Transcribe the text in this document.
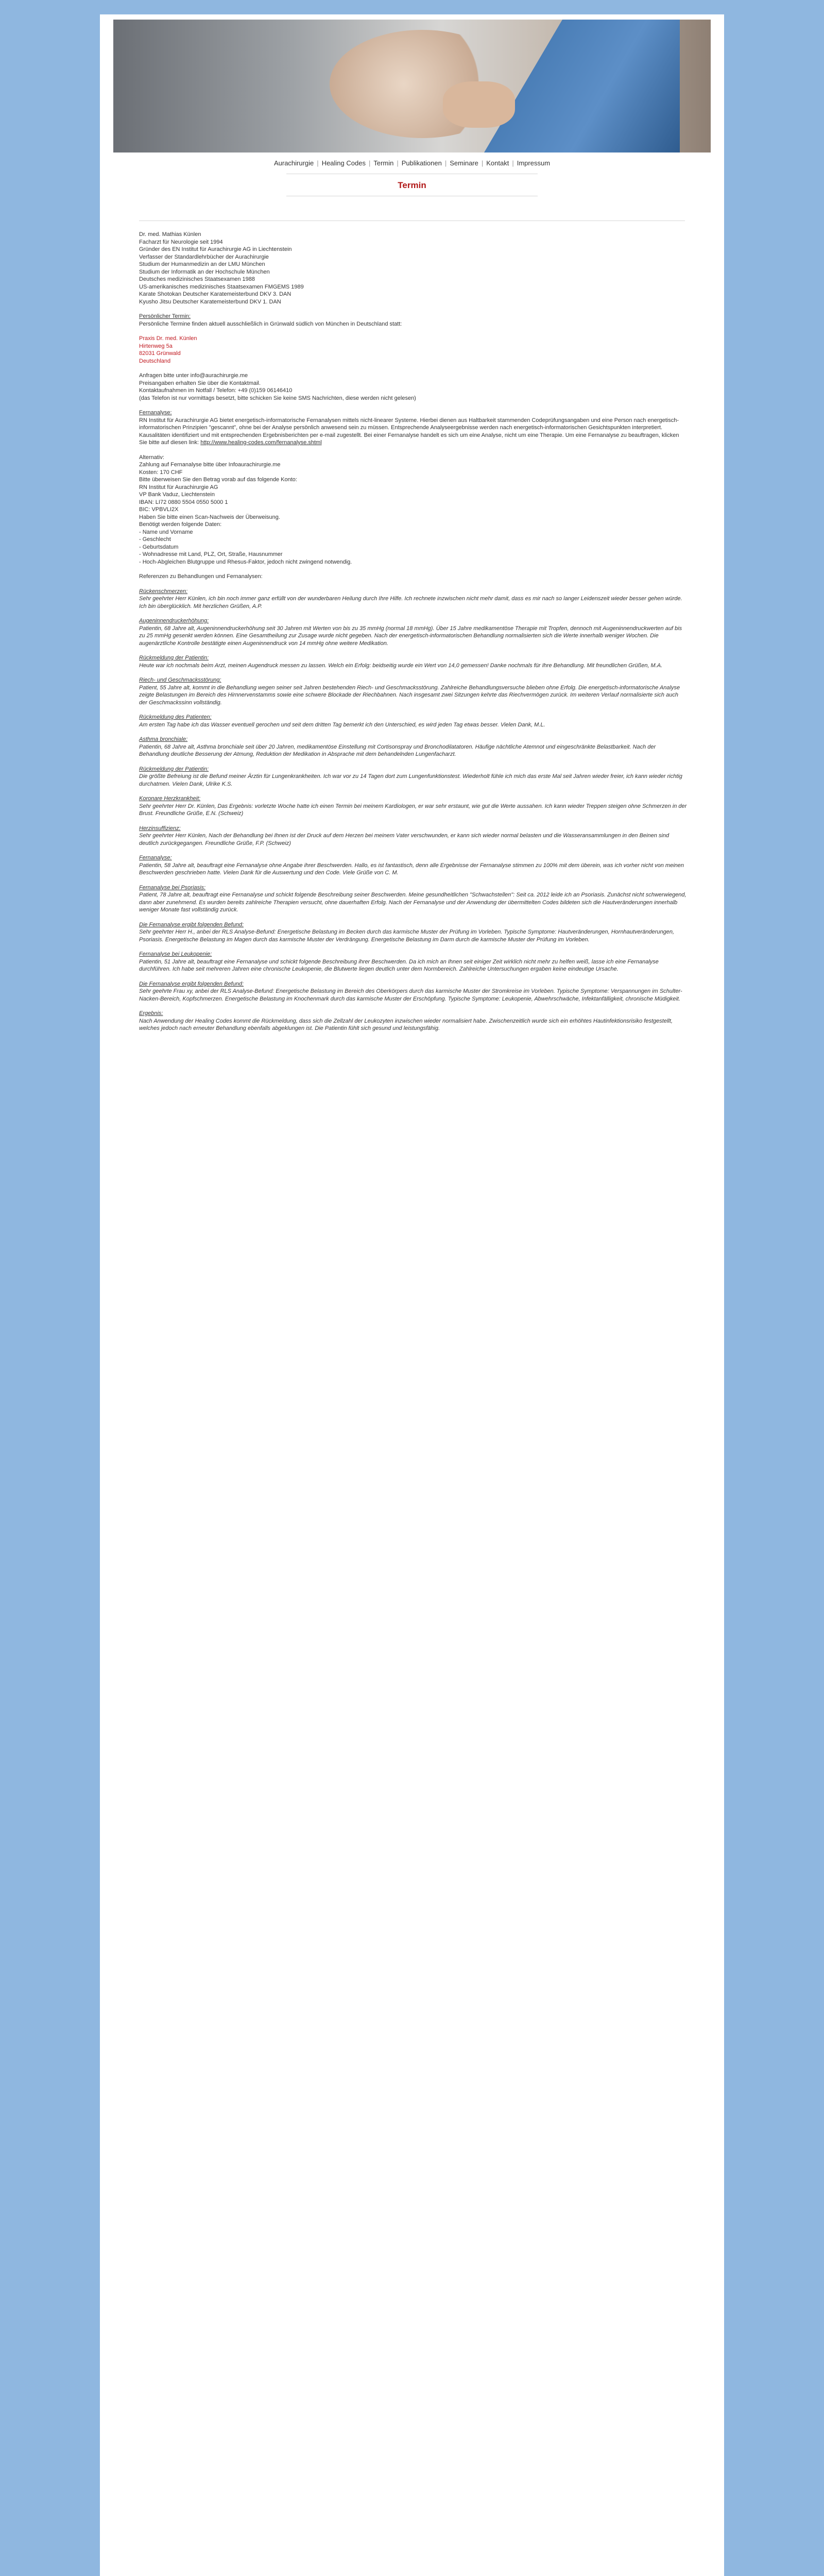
Aurachirurgie | Healing Codes | Termin | Publikationen | Seminare | Kontakt | Impressum
Termin

Dr. med. Mathias Künlen
Facharzt für Neurologie seit 1994
Gründer des EN Institut für Aurachirurgie AG in Liechtenstein
Verfasser der Standardlehrbücher der Aurachirurgie
Studium der Humanmedizin an der LMU München
Studium der Informatik an der Hochschule München
Deutsches medizinisches Staatsexamen 1988
US-amerikanisches medizinisches Staatsexamen FMGEMS 1989
Karate Shotokan Deutscher Karatemeisterbund DKV 3. DAN
Kyusho Jitsu Deutscher Karatemeisterbund DKV 1. DAN

Persönlicher Termin:
Persönliche Termine finden aktuell ausschließlich in Grünwald südlich von München in Deutschland statt:

Praxis Dr. med. Künlen
Hirtenweg 5a
82031 Grünwald
Deutschland

Anfragen bitte unter info@aurachirurgie.me
Preisangaben erhalten Sie über die Kontaktmail.
Kontaktaufnahmen im Notfall / Telefon: +49 (0)159 06146410
(das Telefon ist nur vormittags besetzt, bitte schicken Sie keine SMS Nachrichten, diese werden nicht gelesen)

Fernanalyse:
RN Institut für Aurachirurgie AG bietet energetisch-informatorische Fernanalysen mittels nicht-linearer Systeme. Hierbei dienen aus Haltbarkeit stammenden Codeprüfungsangaben und eine Person nach energetisch-informatorischen Prinzipien "gescannt", ohne bei der Analyse persönlich anwesend sein zu müssen. Entsprechende Analyseergebnisse werden nach energetisch-informatorischen Gesichtspunkten interpretiert. Kausalitäten identifiziert und mit entsprechenden Ergebnisberichten per e-mail zugestellt. Bei einer Fernanalyse handelt es sich um eine Analyse, nicht um eine Therapie. Um eine Fernanalyse zu beauftragen, klicken Sie bitte auf diesen link: http://www.healing-codes.com/fernanalyse.shtml

Alternativ:
Zahlung auf Fernanalyse bitte über Infoaurachirurgie.me
Kosten: 170 CHF
Bitte überweisen Sie den Betrag vorab auf das folgende Konto:
RN Institut für Aurachirurgie AG
VP Bank Vaduz, Liechtenstein
IBAN: LI72 0880 5504 0550 5000 1
BIC: VPBVLI2X
Haben Sie bitte einen Scan-Nachweis der Überweisung.
Benötigt werden folgende Daten:
- Name und Vorname
- Geschlecht
- Geburtsdatum
- Wohnadresse mit Land, PLZ, Ort, Straße, Hausnummer
- Hoch-Abgleichen Blutgruppe und Rhesus-Faktor, jedoch nicht zwingend notwendig.

Referenzen zu Behandlungen und Fernanalysen:

Rückenschmerzen:
Sehr geehrter Herr Künlen, ich bin noch immer ganz erfüllt von der wunderbaren Heilung durch Ihre Hilfe. Ich rechnete inzwischen nicht mehr damit, dass es mir nach so langer Leidenszeit wieder besser gehen würde. Ich bin überglücklich. Mit herzlichen Grüßen, A.P.

Augeninnendruckerhöhung:
Patientin, 68 Jahre alt, Augeninnendruckerhöhung seit 30 Jahren mit Werten von bis zu 35 mmHg (normal 18 mmHg). Über 15 Jahre medikamentöse Therapie mit Tropfen, dennoch mit Augeninnendruckwerten auf bis zu 25 mmHg gesenkt werden können. Eine Gesamtheilung zur Zusage wurde nicht gegeben. Nach der energetisch-informatorischen Behandlung normalisierten sich die Werte innerhalb weniger Wochen. Die augenärztliche Kontrolle bestätigte einen Augeninnendruck von 14 mmHg ohne weitere Medikation.

Rückmeldung der Patientin:
Heute war ich nochmals beim Arzt, meinen Augendruck messen zu lassen. Welch ein Erfolg: beidseitig wurde ein Wert von 14,0 gemessen! Danke nochmals für Ihre Behandlung. Mit freundlichen Grüßen, M.A.

Riech- und Geschmacksstörung:
Patient, 55 Jahre alt, kommt in die Behandlung wegen seiner seit Jahren bestehenden Riech- und Geschmacksstörung. Zahlreiche Behandlungsversuche blieben ohne Erfolg. Die energetisch-informatorische Analyse zeigte Belastungen im Bereich des Hirnnervenstamms sowie eine schwere Blockade der Riechbahnen. Nach insgesamt zwei Sitzungen kehrte das Riechvermögen zurück. Im weiteren Verlauf normalisierte sich auch der Geschmackssinn vollständig.

Rückmeldung des Patienten:
Am ersten Tag habe ich das Wasser eventuell gerochen und seit dem dritten Tag bemerkt ich den Unterschied, es wird jeden Tag etwas besser. Vielen Dank, M.L.

Asthma bronchiale:
Patientin, 68 Jahre alt, Asthma bronchiale seit über 20 Jahren, medikamentöse Einstellung mit Cortisonspray und Bronchodilatatoren. Häufige nächtliche Atemnot und eingeschränkte Belastbarkeit. Nach der Behandlung deutliche Besserung der Atmung, Reduktion der Medikation in Absprache mit dem behandelnden Lungenfacharzt.

Rückmeldung der Patientin:
Die größte Befreiung ist die Befund meiner Ärztin für Lungenkrankheiten. Ich war vor zu 14 Tagen dort zum Lungenfunktionstest. Wiederholt fühle ich mich das erste Mal seit Jahren wieder freier, ich kann wieder richtig durchatmen. Vielen Dank, Ulrike K.S.

Koronare Herzkrankheit:
Sehr geehrter Herr Dr. Künlen, Das Ergebnis: vorletzte Woche hatte ich einen Termin bei meinem Kardiologen, er war sehr erstaunt, wie gut die Werte aussahen. Ich kann wieder Treppen steigen ohne Schmerzen in der Brust. Freundliche Grüße, E.N. (Schweiz)

Herzinsuffizienz:
Sehr geehrter Herr Künlen, Nach der Behandlung bei Ihnen ist der Druck auf dem Herzen bei meinem Vater verschwunden, er kann sich wieder normal belasten und die Wasseransammlungen in den Beinen sind deutlich zurückgegangen. Freundliche Grüße, F.P. (Schweiz)

Fernanalyse:
Patientin, 58 Jahre alt, beauftragt eine Fernanalyse ohne Angabe ihrer Beschwerden. Hallo, es ist fantastisch, denn alle Ergebnisse der Fernanalyse stimmen zu 100% mit dem überein, was ich vorher nicht von meinen Beschwerden geschrieben hatte. Vielen Dank für die Auswertung und den Code. Viele Grüße von C. M.

Fernanalyse bei Psoriasis:
Patient, 78 Jahre alt, beauftragt eine Fernanalyse und schickt folgende Beschreibung seiner Beschwerden. Meine gesundheitlichen "Schwachstellen": Seit ca. 2012 leide ich an Psoriasis. Zunächst nicht schwerwiegend, dann aber zunehmend. Es wurden bereits zahlreiche Therapien versucht, ohne dauerhaften Erfolg. Nach der Fernanalyse und der Anwendung der übermittelten Codes bildeten sich die Hautveränderungen innerhalb weniger Monate fast vollständig zurück.

Die Fernanalyse ergibt folgenden Befund:
Sehr geehrter Herr H., anbei der RLS Analyse-Befund: Energetische Belastung im Becken durch das karmische Muster der Prüfung im Vorleben. Typische Symptome: Hautveränderungen, Hornhautveränderungen, Psoriasis. Energetische Belastung im Magen durch das karmische Muster der Verdrängung. Energetische Belastung im Darm durch die karmische Muster der Prüfung im Vorleben.

Fernanalyse bei Leukopenie:
Patientin, 51 Jahre alt, beauftragt eine Fernanalyse und schickt folgende Beschreibung ihrer Beschwerden. Da ich mich an Ihnen seit einiger Zeit wirklich nicht mehr zu helfen weiß, lasse ich eine Fernanalyse durchführen. Ich habe seit mehreren Jahren eine chronische Leukopenie, die Blutwerte liegen deutlich unter dem Normbereich. Zahlreiche Untersuchungen ergaben keine eindeutige Ursache.

Die Fernanalyse ergibt folgenden Befund:
Sehr geehrte Frau xy, anbei der RLS Analyse-Befund: Energetische Belastung im Bereich des Oberkörpers durch das karmische Muster der Stromkreise im Vorleben. Typische Symptome: Verspannungen im Schulter-Nacken-Bereich, Kopfschmerzen. Energetische Belastung im Knochenmark durch das karmische Muster der Erschöpfung. Typische Symptome: Leukopenie, Abwehrschwäche, Infektanfälligkeit, chronische Müdigkeit.

Ergebnis:
Nach Anwendung der Healing Codes kommt die Rückmeldung, dass sich die Zellzahl der Leukozyten inzwischen wieder normalisiert habe. Zwischenzeitlich wurde sich ein erhöhtes Hautinfektionsrisiko festgestellt, welches jedoch nach erneuter Behandlung ebenfalls abgeklungen ist. Die Patientin fühlt sich gesund und leistungsfähig.
